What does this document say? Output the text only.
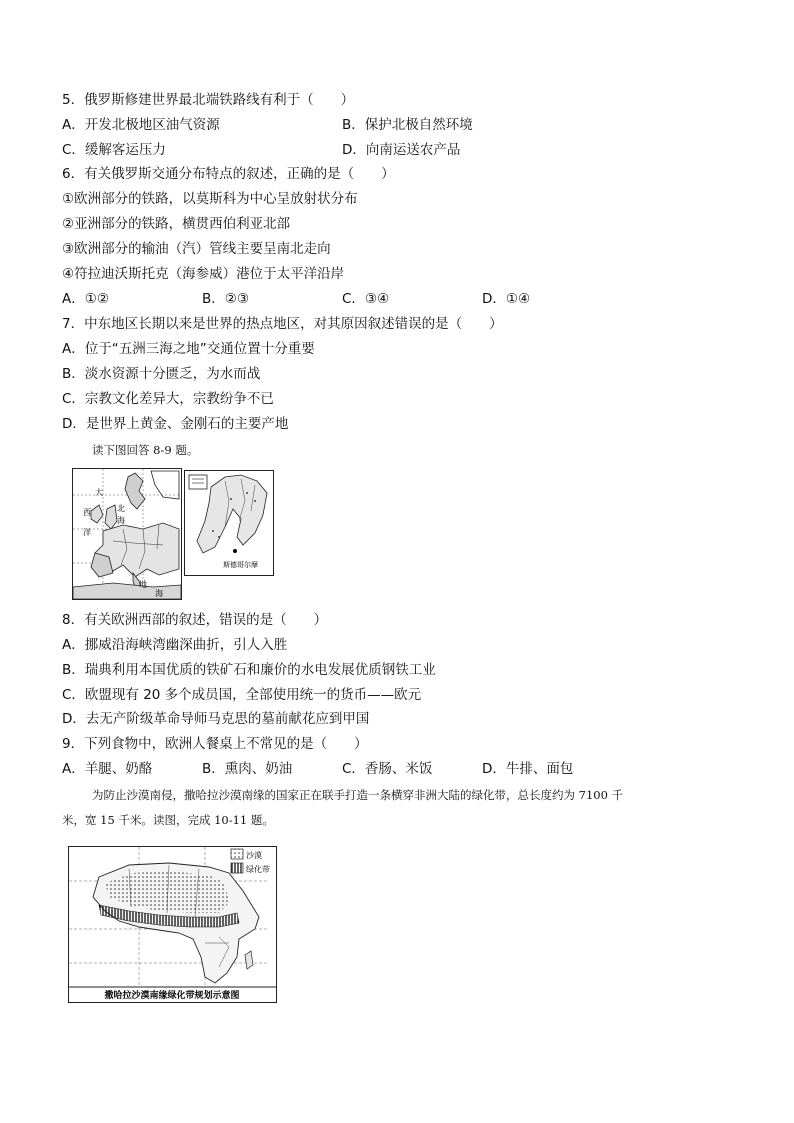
5．俄罗斯修建世界最北端铁路线有利于（　　）
A．开发北极地区油气资源	B．保护北极自然环境
C．缓解客运压力	D．向南运送农产品
6．有关俄罗斯交通分布特点的叙述，正确的是（　　）
①欧洲部分的铁路，以莫斯科为中心呈放射状分布
②亚洲部分的铁路，横贯西伯利亚北部
③欧洲部分的输油（汽）管线主要呈南北走向
④符拉迪沃斯托克（海参威）港位于太平洋沿岸
A．①②	B．②③	C．③④	D．①④
7．中东地区长期以来是世界的热点地区，对其原因叙述错误的是（　　）
A．位于“五洲三海之地”交通位置十分重要
B．淡水资源十分匮乏，为水而战
C．宗教文化差异大，宗教纷争不已
D．是世界上黄金、金刚石的主要产地
读下图回答 8-9 题。
大
西
洋
北
海
地
海
斯德哥尔摩
8．有关欧洲西部的叙述，错误的是（　　）
A．挪威沿海峡湾幽深曲折，引人入胜
B．瑞典利用本国优质的铁矿石和廉价的水电发展优质钢铁工业
C．欧盟现有 20 多个成员国，全部使用统一的货币——欧元
D．去无产阶级革命导师马克思的墓前献花应到甲国
9．下列食物中，欧洲人餐桌上不常见的是（　　）
A．羊腿、奶酪	B．熏肉、奶油	C．香肠、米饭	D．牛排、面包
为防止沙漠南侵，撒哈拉沙漠南缘的国家正在联手打造一条横穿非洲大陆的绿化带，总长度约为 7100 千
米，宽 15 千米。读图，完成 10-11 题。
沙漠
绿化带
撒哈拉沙漠南缘绿化带规划示意图
